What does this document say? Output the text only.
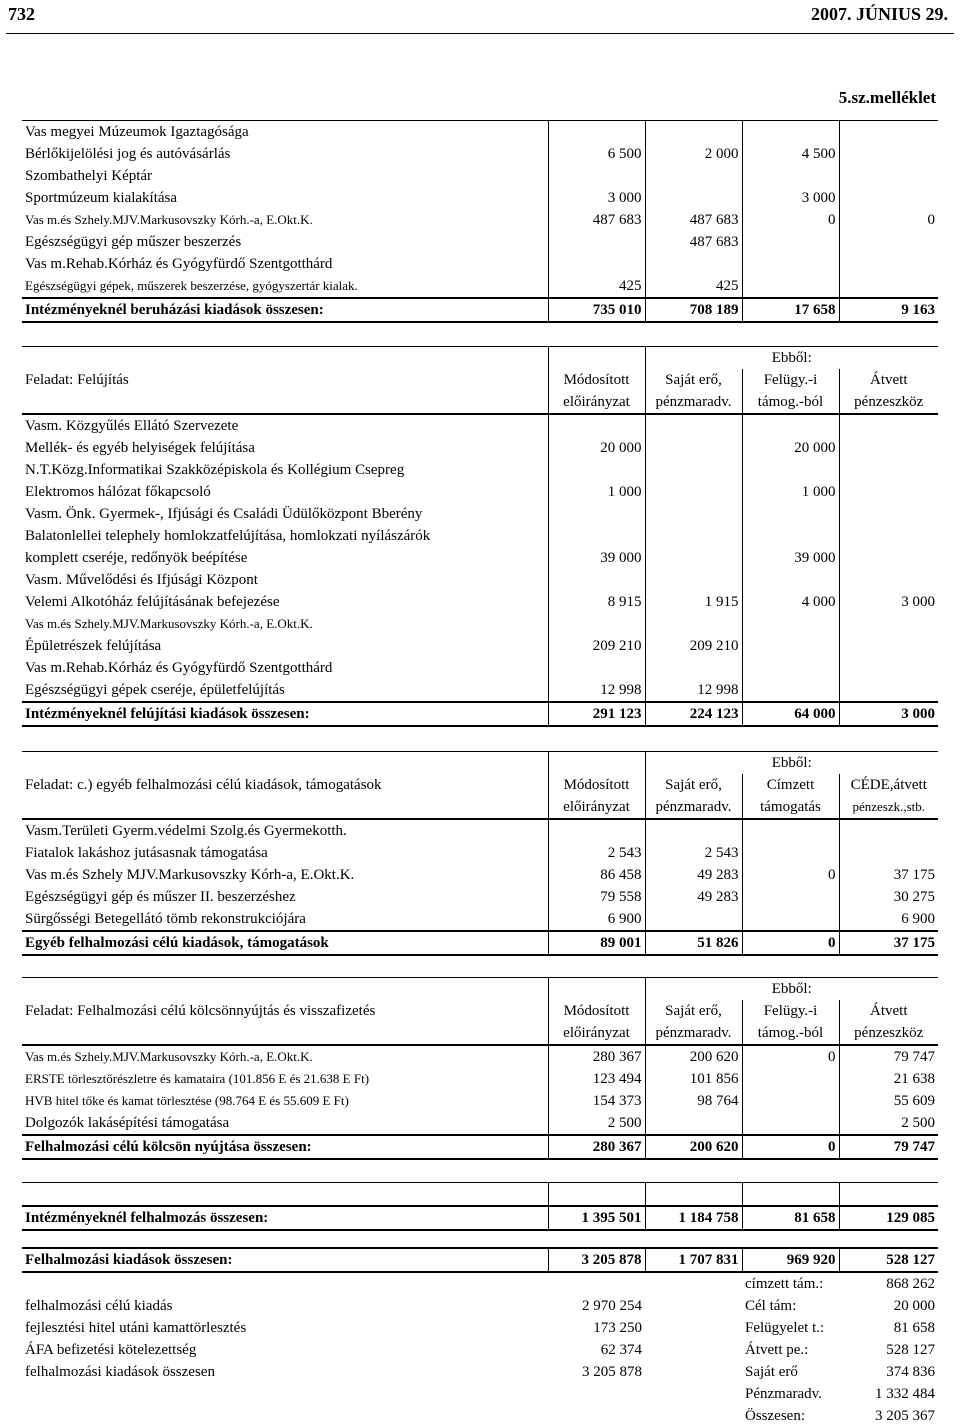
732	2007. JÚNIUS 29.
5.sz.melléklet
Vas megyei Múzeumok Igaztagósága				
Bérlőkijelölési jog és autóvásárlás	6 500	2 000	4 500	
Szombathelyi Képtár				
Sportmúzeum kialakítása	3 000		3 000	
Vas m.és Szhely.MJV.Markusovszky Kórh.-a, E.Okt.K.	487 683	487 683	0	0
Egészségügyi gép műszer beszerzés		487 683		
Vas m.Rehab.Kórház és Gyógyfürdő Szentgotthárd				
Egészségügyi gépek, műszerek beszerzése, gyógyszertár kialak.	425	425		
Intézményeknél beruházási kiadások összesen:	735 010	708 189	17 658	9 163
		Ebből:		
Feladat: Felújítás	Módosított	Saját erő,	Felügy.-i	Átvett
	előirányzat	pénzmaradv.	támog.-ból	pénzeszköz
Vasm. Közgyűlés Ellátó Szervezete				
Mellék- és egyéb helyiségek felújítása	20 000		20 000	
N.T.Közg.Informatikai Szakközépiskola és Kollégium Csepreg				
Elektromos hálózat főkapcsoló	1 000		1 000	
Vasm. Önk. Gyermek-, Ifjúsági és Családi Üdülőközpont Bberény				
Balatonlellei telephely homlokzatfelújítása, homlokzati nyílászárók				
komplett cseréje, redőnyök beépítése	39 000		39 000	
Vasm. Művelődési és Ifjúsági Központ				
Velemi Alkotóház felújításának befejezése	8 915	1 915	4 000	3 000
Vas m.és Szhely.MJV.Markusovszky Kórh.-a, E.Okt.K.				
Épületrészek felújítása	209 210	209 210		
Vas m.Rehab.Kórház és Gyógyfürdő Szentgotthárd				
Egészségügyi gépek cseréje, épületfelújítás	12 998	12 998		
Intézményeknél felújítási kiadások összesen:	291 123	224 123	64 000	3 000
		Ebből:		
Feladat: c.) egyéb felhalmozási célú kiadások, támogatások	Módosított	Saját erő,	Címzett	CÉDE,átvett
	előirányzat	pénzmaradv.	támogatás	pénzeszk.,stb.
Vasm.Területi Gyerm.védelmi Szolg.és Gyermekotth.				
Fiatalok lakáshoz jutásasnak támogatása	2 543	2 543		
Vas m.és Szhely MJV.Markusovszky Kórh-a, E.Okt.K.	86 458	49 283	0	37 175
Egészségügyi gép és műszer II. beszerzéshez	79 558	49 283		30 275
Sürgősségi Betegellátó tömb rekonstrukciójára	6 900			6 900
Egyéb felhalmozási célú kiadások, támogatások	89 001	51 826	0	37 175
		Ebből:		
Feladat: Felhalmozási célú kölcsönnyújtás és visszafizetés	Módosított	Saját erő,	Felügy.-i	Átvett
	előirányzat	pénzmaradv.	támog.-ból	pénzeszköz
Vas m.és Szhely.MJV.Markusovszky Kórh.-a, E.Okt.K.	280 367	200 620	0	79 747
ERSTE törlesztőrészletre és kamataira (101.856 E és 21.638 E Ft)	123 494	101 856		21 638
HVB hitel tőke és kamat törlesztése (98.764 E és 55.609 E Ft)	154 373	98 764		55 609
Dolgozók lakásépítési támogatása	2 500			2 500
Felhalmozási célú kölcsön nyújtása összesen:	280 367	200 620	0	79 747

Intézményeknél felhalmozás összesen:	1 395 501	1 184 758	81 658	129 085
Felhalmozási kiadások összesen:	3 205 878	1 707 831	969 920	528 127
			címzett tám.:	868 262
felhalmozási célú kiadás	2 970 254		Cél tám:	20 000
fejlesztési hitel utáni kamattörlesztés	173 250		Felügyelet t.:	81 658
ÁFA befizetési kötelezettség	62 374		Átvett pe.:	528 127
felhalmozási kiadások összesen	3 205 878		Saját erő	374 836
			Pénzmaradv.	1 332 484
			Összesen:	3 205 367
